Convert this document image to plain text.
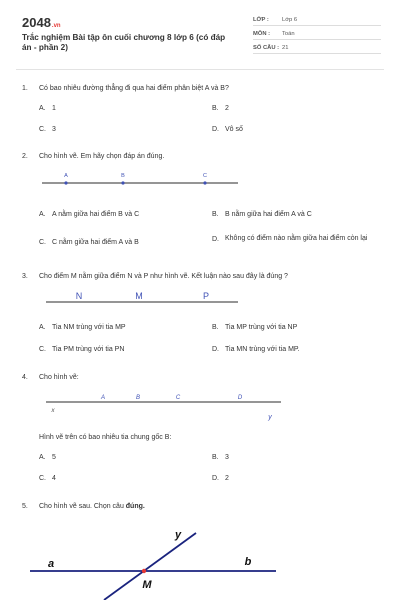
2048.vn
Trắc nghiệm Bài tập ôn cuối chương 8 lớp 6 (có đáp án - phần 2)
LỚP : Lớp 6
MÔN : Toán
SỐ CÂU : 21
1. Có bao nhiêu đường thẳng đi qua hai điểm phân biệt A và B?
A. 1	B. 2
C. 3	D. Vô số
2. Cho hình vẽ. Em hãy chọn đáp án đúng.
A	B	C
N	M	P
A	B	C	D
x
y
a	b
y
M
A. A nằm giữa hai điểm B và C	B. B nằm giữa hai điểm A và C
C. C nằm giữa hai điểm A và B	D. Không có điểm nào nằm giữa hai điểm còn lại
3. Cho điểm M nằm giữa điểm N và P như hình vẽ. Kết luận nào sau đây là đúng ?
A. Tia NM trùng với tia MP	B. Tia MP trùng với tia NP
C. Tia PM trùng với tia PN	D. Tia MN trùng với tia MP.
4. Cho hình vẽ:
Hình vẽ trên có bao nhiêu tia chung gốc B:
A. 5	B. 3
C. 4	D. 2
5. Cho hình vẽ sau. Chọn câu đúng.
